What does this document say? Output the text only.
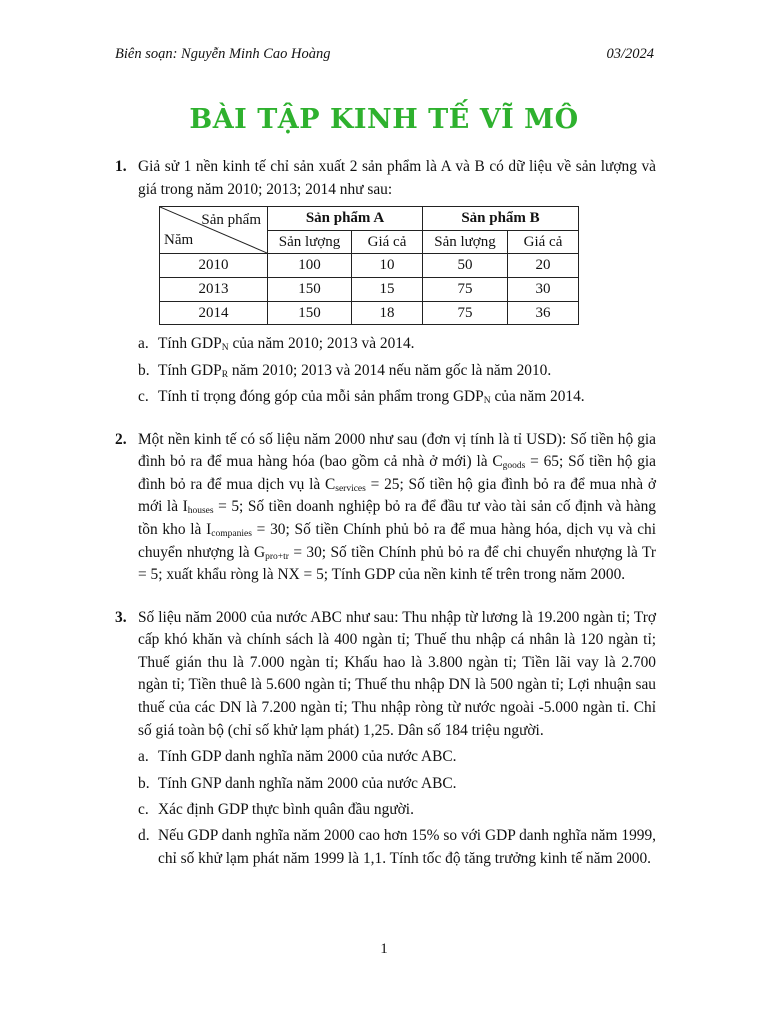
Biên soạn: Nguyễn Minh Cao Hoàng	03/2024
BÀI TẬP KINH TẾ VĨ MÔ
1. Giả sử 1 nền kinh tế chỉ sản xuất 2 sản phẩm là A và B có dữ liệu về sản lượng và giá trong năm 2010; 2013; 2014 như sau:

Sản phẩm
Năm	Sản phẩm A		Sản phẩm B	
	Sản lượng	Giá cả	Sản lượng	Giá cả
2010	100	10	50	20
2013	150	15	75	30
2014	150	18	75	36
a. Tính $GDP_N$ của năm 2010; 2013 và 2014.
b. Tính $GDP_R$ năm 2010; 2013 và 2014 nếu năm gốc là năm 2010.
c. Tính tỉ trọng đóng góp của mỗi sản phẩm trong $GDP_N$ của năm 2014.
2. Một nền kinh tế có số liệu năm 2000 như sau (đơn vị tính là tỉ USD): Số tiền hộ gia đình bỏ ra để mua hàng hóa (bao gồm cả nhà ở mới) là $C_{goods} = 65$; Số tiền hộ gia đình bỏ ra để mua dịch vụ là $C_{services} = 25$; Số tiền hộ gia đình bỏ ra để mua nhà ở mới là $I_{houses} = 5$; Số tiền doanh nghiệp bỏ ra để đầu tư vào tài sản cố định và hàng tồn kho là $I_{companies} = 30$; Số tiền Chính phủ bỏ ra để mua hàng hóa, dịch vụ và chi chuyển nhượng là $G_{pro+tr} = 30$; Số tiền Chính phủ bỏ ra để chi chuyển nhượng là Tr = 5; xuất khẩu ròng là NX = 5; Tính GDP của nền kinh tế trên trong năm 2000.

3. Số liệu năm 2000 của nước ABC như sau: Thu nhập từ lương là 19.200 ngàn tỉ; Trợ cấp khó khăn và chính sách là 400 ngàn tỉ; Thuế thu nhập cá nhân là 120 ngàn tỉ; Thuế gián thu là 7.000 ngàn tỉ; Khấu hao là 3.800 ngàn tỉ; Tiền lãi vay là 2.700 ngàn tỉ; Tiền thuê là 5.600 ngàn tỉ; Thuế thu nhập DN là 500 ngàn tỉ; Lợi nhuận sau thuế của các DN là 7.200 ngàn tỉ; Thu nhập ròng từ nước ngoài -5.000 ngàn tỉ. Chỉ số giá toàn bộ (chỉ số khử lạm phát) 1,25. Dân số 184 triệu người.

a. Tính GDP danh nghĩa năm 2000 của nước ABC.
b. Tính GNP danh nghĩa năm 2000 của nước ABC.
c. Xác định GDP thực bình quân đầu người.
d. Nếu GDP danh nghĩa năm 2000 cao hơn 15% so với GDP danh nghĩa năm 1999, chỉ số khử lạm phát năm 1999 là 1,1. Tính tốc độ tăng trưởng kinh tế năm 2000.
1
